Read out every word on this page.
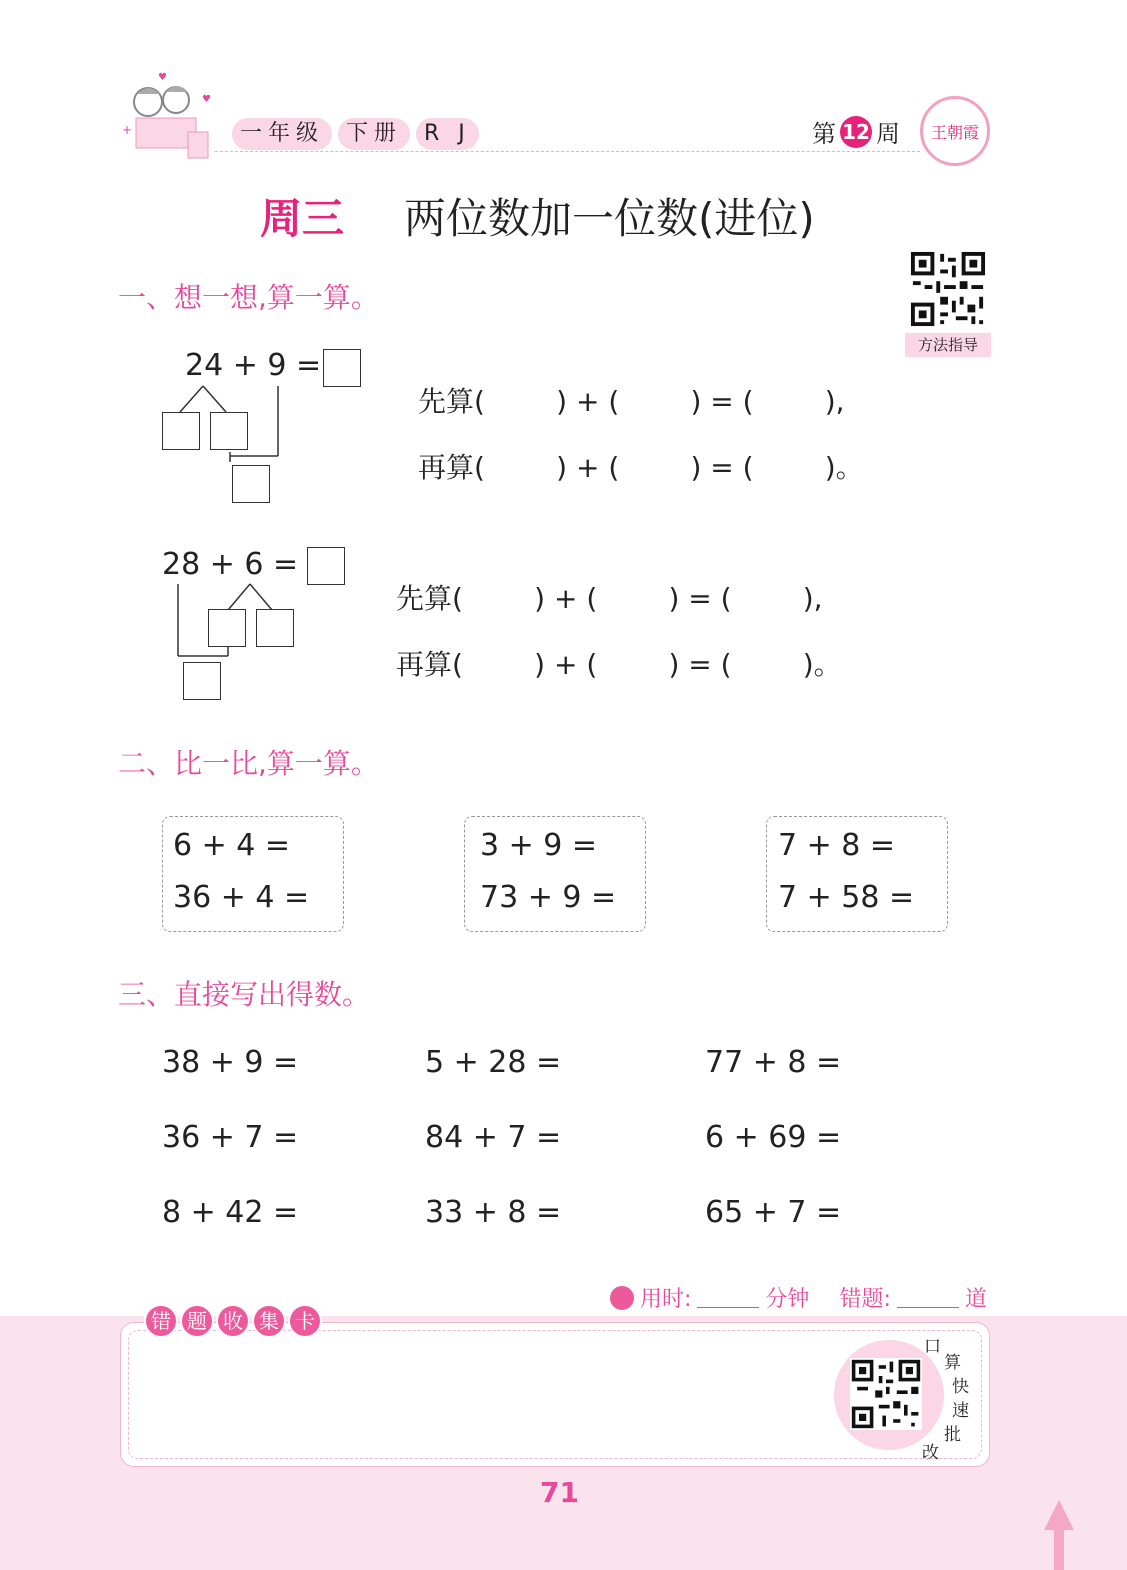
+
♥
♥
一年级	下册	R J	第 12 周 王朝霞
周三 两位数加一位数(进位)
方法指导
一、想一想,算一算。
24 + 9 =
先算(        ) + (        ) = (        ),
再算(        ) + (        ) = (        )。
28 + 6 =
先算(        ) + (        ) = (        ),
再算(        ) + (        ) = (        )。
二、比一比,算一算。
6 + 4 =
36 + 4 =
3 + 9 =
73 + 9 =
7 + 8 =
7 + 58 =
三、直接写出得数。
38 + 9 =	5 + 28 =	77 + 8 =
36 + 7 =	84 + 7 =	6 + 69 =
8 + 42 =	33 + 8 =	65 + 7 =
用时:	分钟 错题:	道
错 题 收 集 卡
口
算
快
速
批
改
71
